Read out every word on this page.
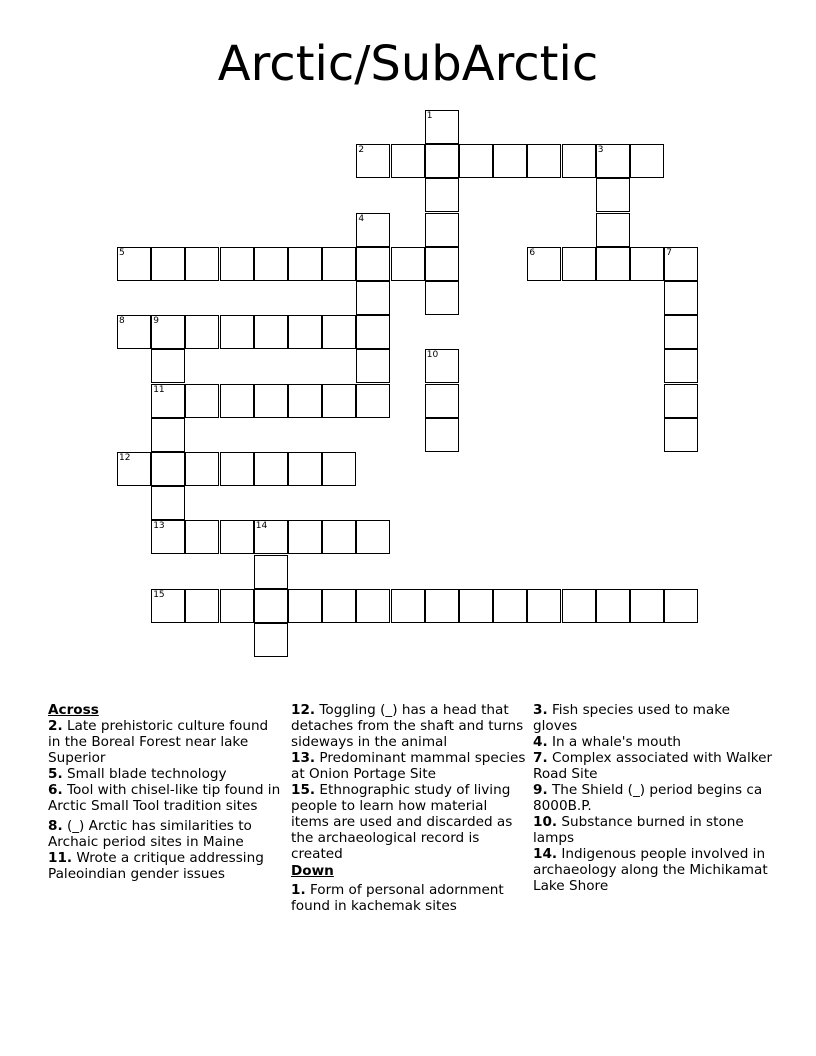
Arctic/SubArctic
1
2	3
4
5	6	7
8	9
10
11
12
13	14
15
Across
2. Late prehistoric culture found in the Boreal Forest near lake Superior
5. Small blade technology
6. Tool with chisel-like tip found in Arctic Small Tool tradition sites
8. (_) Arctic has similarities to Archaic period sites in Maine
11. Wrote a critique addressing Paleoindian gender issues
12. Toggling (_) has a head that detaches from the shaft and turns sideways in the animal
13. Predominant mammal species at Onion Portage Site
15. Ethnographic study of living people to learn how material items are used and discarded as the archaeological record is created
Down
1. Form of personal adornment found in kachemak sites
3. Fish species used to make gloves
4. In a whale's mouth
7. Complex associated with Walker Road Site
9. The Shield (_) period begins ca 8000B.P.
10. Substance burned in stone lamps
14. Indigenous people involved in archaeology along the Michikamat Lake Shore
